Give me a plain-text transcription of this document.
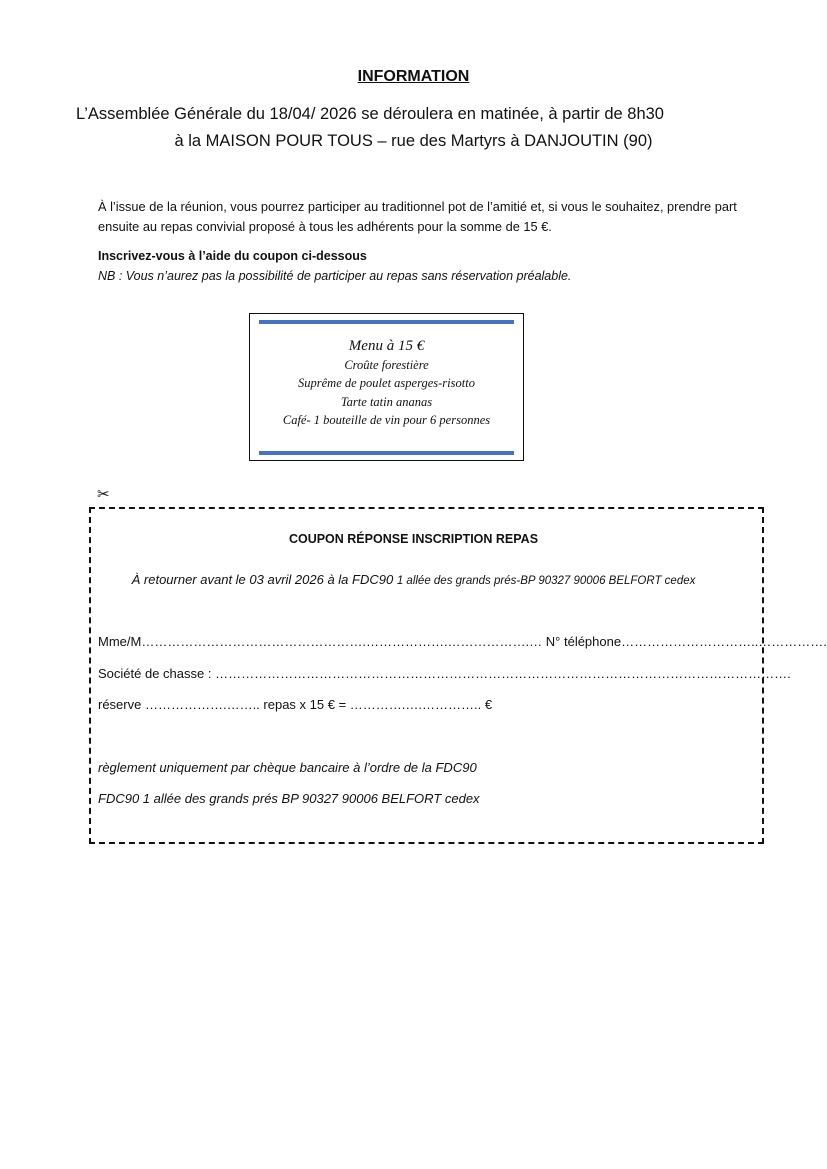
INFORMATION
L’Assemblée Générale du 18/04/ 2026 se déroulera en matinée, à partir de 8h30
à la MAISON POUR TOUS – rue des Martyrs à DANJOUTIN (90)
À l’issue de la réunion, vous pourrez participer au traditionnel pot de l’amitié et, si vous le souhaitez, prendre part ensuite au repas convivial proposé à tous les adhérents pour la somme de 15 €.
Inscrivez-vous à l’aide du coupon ci-dessous
NB : Vous n’aurez pas la possibilité de participer au repas sans réservation préalable.
Menu à 15 €
Croûte forestière
Suprême de poulet asperges-risotto
Tarte tatin ananas
Café- 1 bouteille de vin pour 6 personnes
✂
COUPON RÉPONSE INSCRIPTION REPAS
À retourner avant le 03 avril 2026 à la FDC90 1 allée des grands prés-BP 90327 90006 BELFORT cedex
Mme/M…………………………………………….……………….……………….… N° téléphone…………………………..…………….
Société de chasse : …………………………………………………………………………………………………………………….
réserve ……………….…….. repas x 15 € = ………….….………….. €
règlement uniquement par chèque bancaire à l’ordre de la FDC90
FDC90 1 allée des grands prés BP 90327 90006 BELFORT cedex
